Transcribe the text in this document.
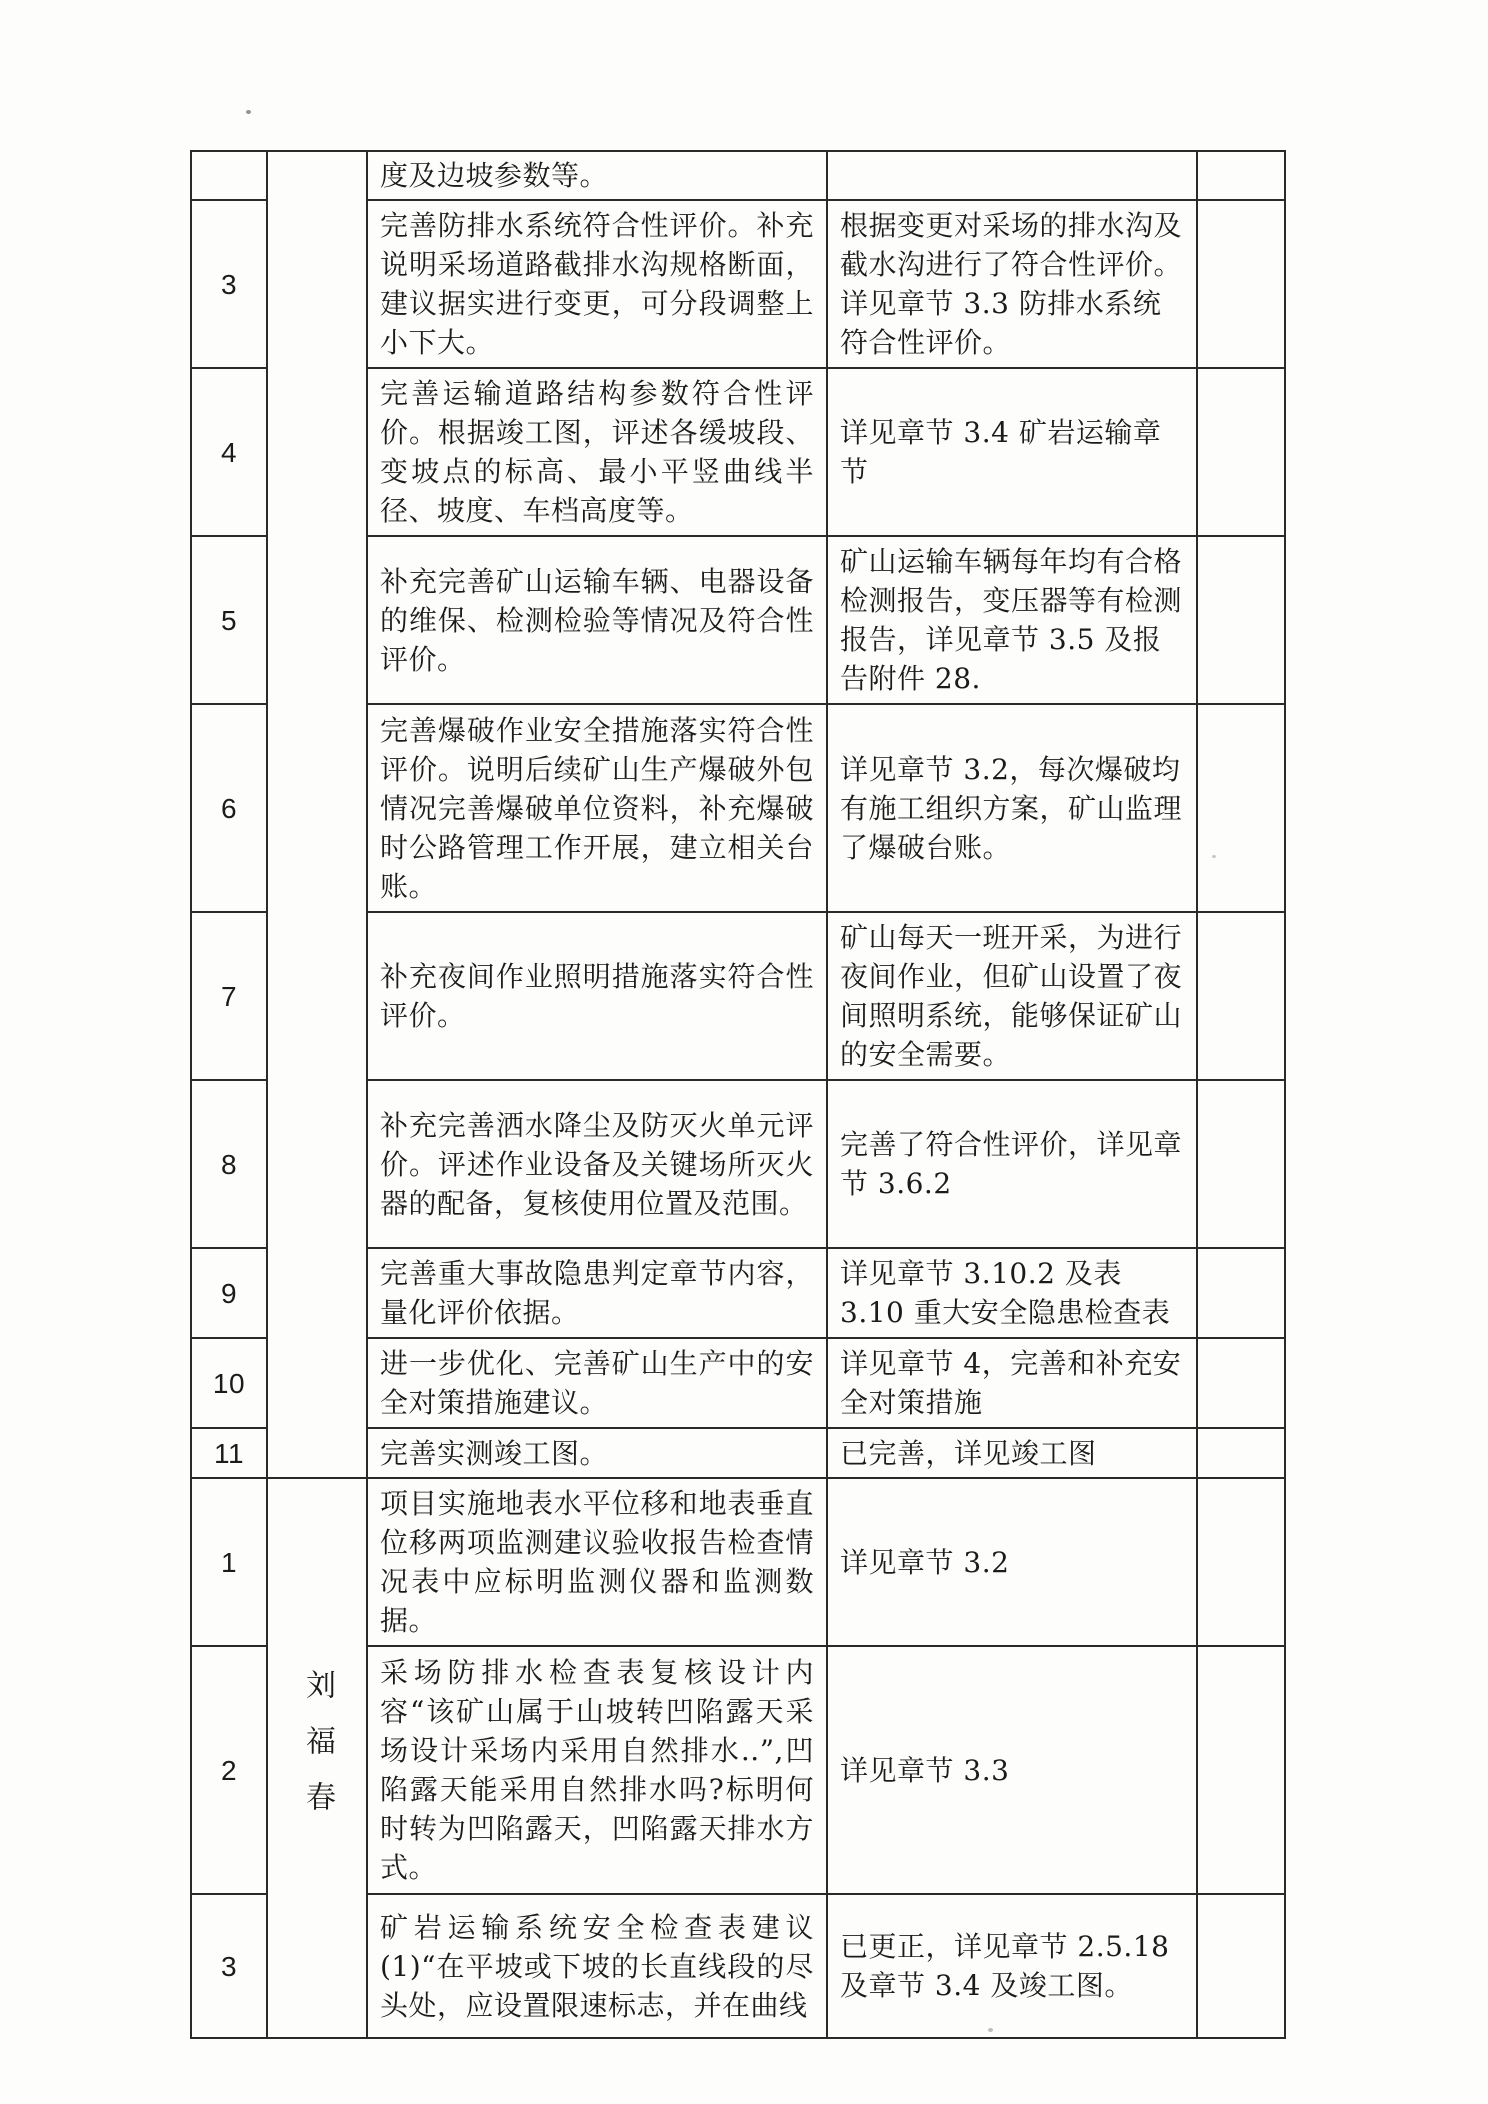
		度及边坡参数等。		
3		完善防排水系统符合性评价。补充说明采场道路截排水沟规格断面，建议据实进行变更，可分段调整上小下大。	根据变更对采场的排水沟及截水沟进行了符合性评价。详见章节 3.3 防排水系统符合性评价。	
4		完善运输道路结构参数符合性评价。根据竣工图，评述各缓坡段、变坡点的标高、最小平竖曲线半径、坡度、车档高度等。	详见章节 3.4 矿岩运输章节	
5		补充完善矿山运输车辆、电器设备的维保、检测检验等情况及符合性评价。	矿山运输车辆每年均有合格检测报告，变压器等有检测报告，详见章节 3.5 及报告附件 28.	
6		完善爆破作业安全措施落实符合性评价。说明后续矿山生产爆破外包情况完善爆破单位资料，补充爆破时公路管理工作开展，建立相关台账。	详见章节 3.2，每次爆破均有施工组织方案，矿山监理了爆破台账。	
7		补充夜间作业照明措施落实符合性评价。	矿山每天一班开采，为进行夜间作业，但矿山设置了夜间照明系统，能够保证矿山的安全需要。	
8		补充完善洒水降尘及防灭火单元评价。评述作业设备及关键场所灭火器的配备，复核使用位置及范围。	完善了符合性评价，详见章节 3.6.2	
9		完善重大事故隐患判定章节内容，量化评价依据。	详见章节 3.10.2 及表 3.10 重大安全隐患检查表	
10		进一步优化、完善矿山生产中的安全对策措施建议。	详见章节 4，完善和补充安全对策措施	
11		完善实测竣工图。	已完善，详见竣工图	
1	刘福春	项目实施地表水平位移和地表垂直位移两项监测建议验收报告检查情况表中应标明监测仪器和监测数据。	详见章节 3.2	
2		采场防排水检查表复核设计内容“该矿山属于山坡转凹陷露天采场设计采场内采用自然排水..”,凹陷露天能采用自然排水吗?标明何时转为凹陷露天，凹陷露天排水方式。	详见章节 3.3	
3		矿岩运输系统安全检查表建议(1)“在平坡或下坡的长直线段的尽头处，应设置限速标志，并在曲线	已更正，详见章节 2.5.18 及章节 3.4 及竣工图。	
